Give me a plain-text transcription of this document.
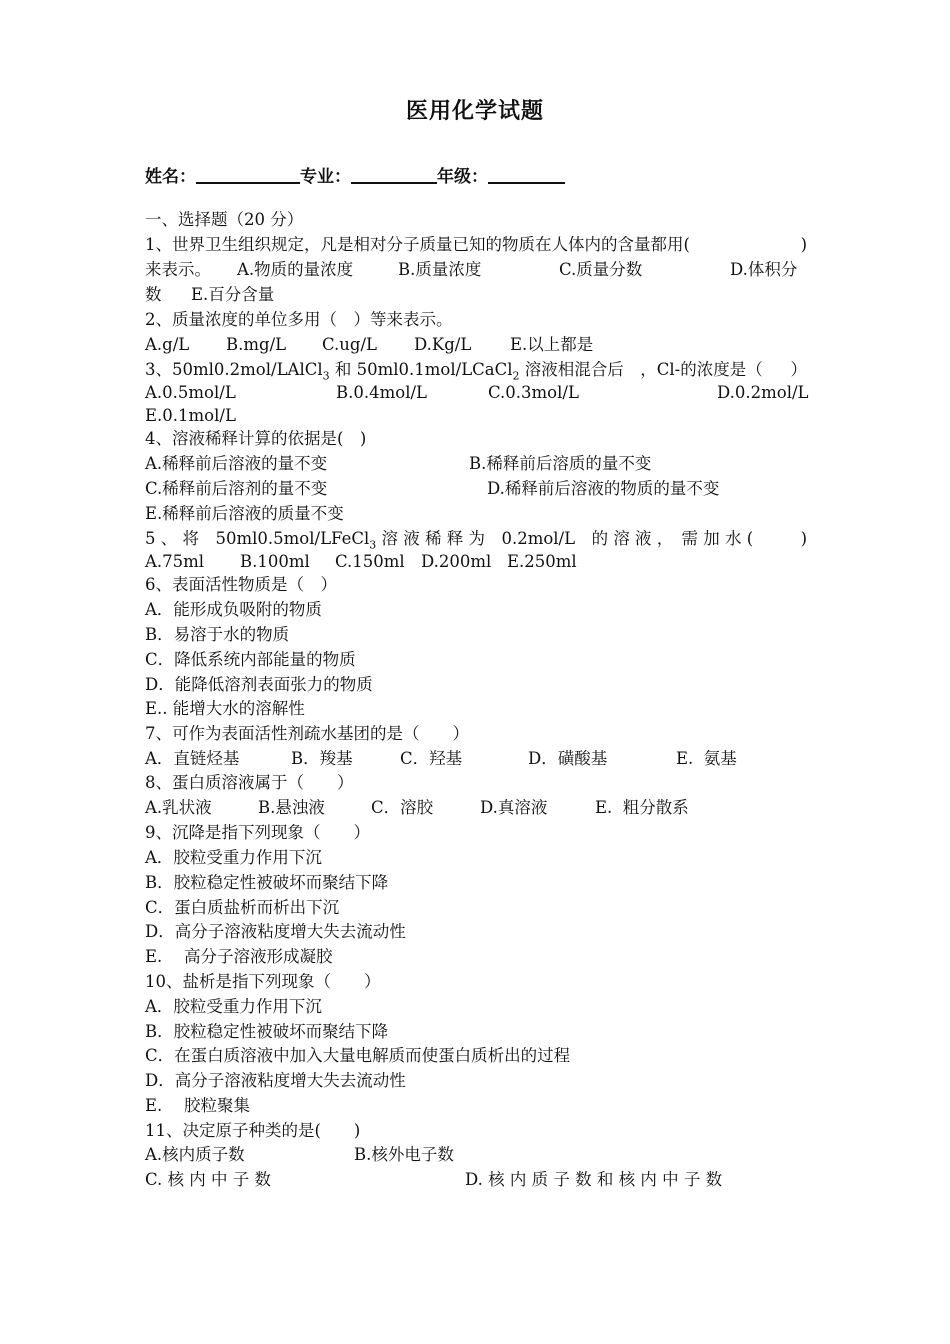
医用化学试题
姓名：	专业：	年级：
一、选择题（20 分）
1、世界卫生组织规定，凡是相对分子质量已知的物质在人体内的含量都用(	)
来表示。 A.物质的量浓度	B.质量浓度	C.质量分数	D.体积分
数 E.百分含量
2、质量浓度的单位多用（　）等来表示。
A.g/L B.mg/L C.ug/L D.Kg/L E.以上都是
3、50ml0.2mol/LAlCl$_3$ 和 50ml0.1mol/LCaCl$_2$ 溶液相混合后　，Cl-的浓度是（ ）
A.0.5mol/L	B.0.4mol/L	C.0.3mol/L	D.0.2mol/L
E.0.1mol/L
4、溶液稀释计算的依据是(　)
A.稀释前后溶液的量不变	B.稀释前后溶质的量不变
C.稀释前后溶剂的量不变	D.稀释前后溶液的物质的量不变
E.稀释前后溶液的质量不变
5 、 将　50ml0.5mol/LFeCl$_3$ 溶 液 稀 释 为　0.2mol/L　的 溶 液 ，　需 加 水 (	)
A.75ml B.100ml C.150ml D.200ml E.250ml
6、表面活性物质是（　）
A．能形成负吸附的物质
B．易溶于水的物质
C．降低系统内部能量的物质
D．能降低溶剂表面张力的物质
E.. 能增大水的溶解性
7、可作为表面活性剂疏水基团的是（　　）
A．直链烃基	B．羧基	C．羟基	D．磺酸基	E.  氨基
8、蛋白质溶液属于（　　）
A.乳状液	B.悬浊液	C．溶胶	D.真溶液	E.  粗分散系
9、沉降是指下列现象（　　）
A．胶粒受重力作用下沉
B．胶粒稳定性被破坏而聚结下降
C．蛋白质盐析而析出下沉
D．高分子溶液粘度增大失去流动性
E.　 高分子溶液形成凝胶
10、盐析是指下列现象（　　）
A．胶粒受重力作用下沉
B．胶粒稳定性被破坏而聚结下降
C．在蛋白质溶液中加入大量电解质而使蛋白质析出的过程
D．高分子溶液粘度增大失去流动性
E.　 胶粒聚集
11、决定原子种类的是(　　)
A.核内质子数	B.核外电子数
C. 核 内 中 子 数	D. 核 内 质 子 数 和 核 内 中 子 数
